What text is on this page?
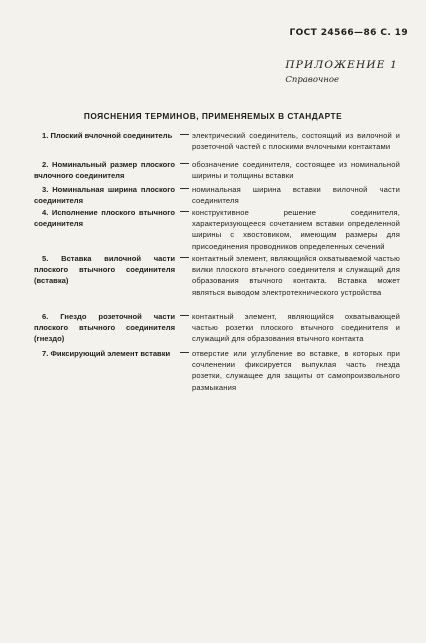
ГОСТ 24566—86 С. 19
ПРИЛОЖЕНИЕ 1
Справочное
ПОЯСНЕНИЯ ТЕРМИНОВ, ПРИМЕНЯЕМЫХ В СТАНДАРТЕ
1. Плоский вчлочной соединитель — электрический соединитель, состоящий из вилочной и розеточной частей с плоскими вчлочными контактами
2. Номинальный размер плоского вчлочного соединителя
— обозначение соединителя, состоящее из номинальной ширины и толщины вставки
3. Номинальная ширина плоского соединителя
— номинальная ширина вставки вилочной части соединителя
4. Исполнение плоского втычного соединителя
— конструктивное решение соединителя, характеризующееся сочетанием вставки определенной ширины с хвостовиком, имеющим размеры для присоединения проводников определенных сечений
5. Вставка вилочной части плоского втычного соединителя (вставка)
— контактный элемент, являющийся охватываемой частью вилки плоского втычного соединителя и служащий для образования втычного контакта. Вставка может являться выводом электротехнического устройства
6. Гнездо розеточной части плоского втычного соединителя (гнездо)
— контактный элемент, являющийся охватывающей частью розетки плоского втычного соединителя и служащий для образования втычного контакта
7. Фиксирующий элемент вставки	— отверстие или углубление во вставке, в которых при сочленении фиксируется выпуклая часть гнезда розетки, служащее для защиты от самопроизвольного размыкания
